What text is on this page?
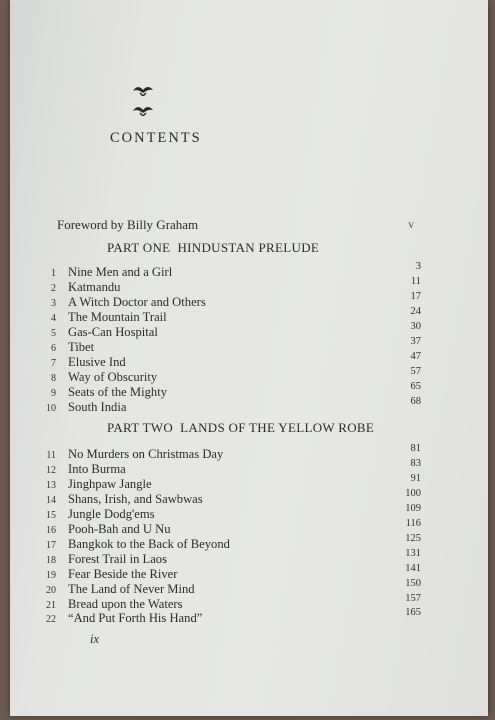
CONTENTS
Foreword by Billy Graham	v
PART ONE  HINDUSTAN PRELUDE
1 Nine Men and a Girl	3
2 Katmandu	11
3 A Witch Doctor and Others	17
4 The Mountain Trail	24
5 Gas-Can Hospital	30
6 Tibet	37
7 Elusive Ind	47
8 Way of Obscurity	57
9 Seats of the Mighty	65
10 South India	68
PART TWO  LANDS OF THE YELLOW ROBE
11 No Murders on Christmas Day	81
12 Into Burma	83
13 Jinghpaw Jangle	91
14 Shans, Irish, and Sawbwas	100
15 Jungle Dodg'ems	109
16 Pooh-Bah and U Nu	116
17 Bangkok to the Back of Beyond	125
18 Forest Trail in Laos	131
19 Fear Beside the River	141
20 The Land of Never Mind	150
21 Bread upon the Waters	157
22 “And Put Forth His Hand”	165
ix
